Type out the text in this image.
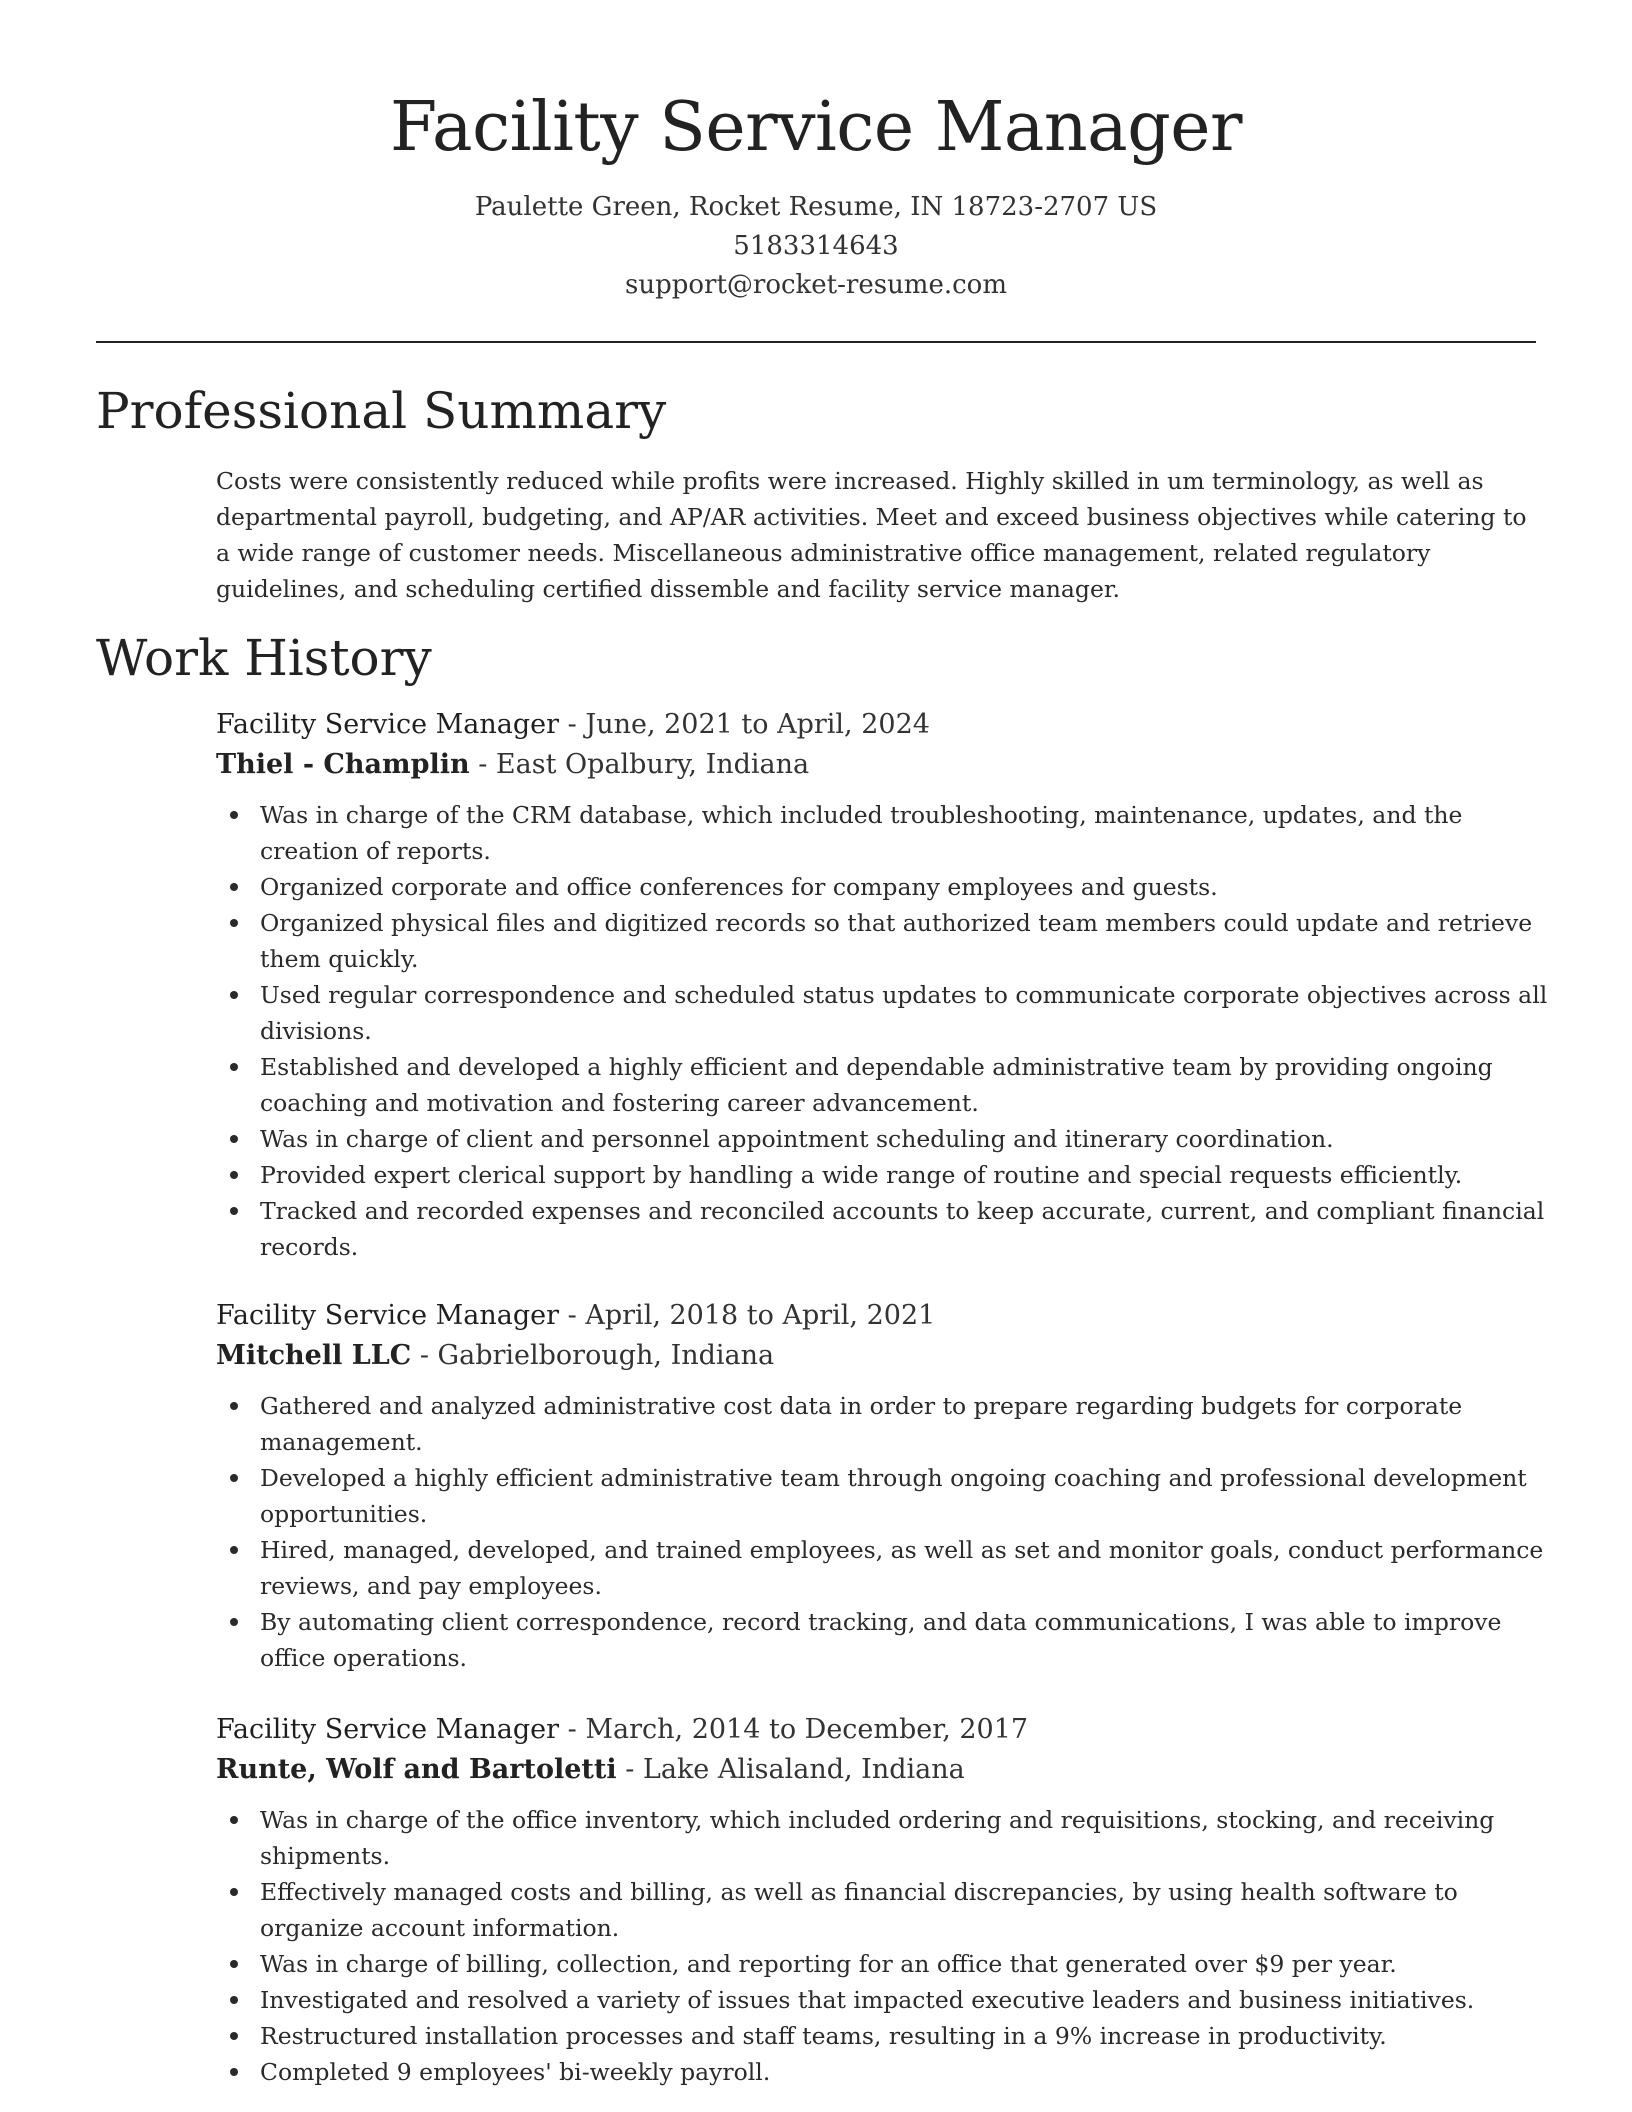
Facility Service Manager
Paulette Green, Rocket Resume, IN 18723-2707 US
5183314643
support@rocket-resume.com
Professional Summary

Costs were consistently reduced while profits were increased. Highly skilled in um terminology, as well as departmental payroll, budgeting, and AP/AR activities. Meet and exceed business objectives while catering to a wide range of customer needs. Miscellaneous administrative office management, related regulatory guidelines, and scheduling certified dissemble and facility service manager.

Work History
Facility Service Manager - June, 2021 to April, 2024
Thiel - Champlin - East Opalbury, Indiana
Was in charge of the CRM database, which included troubleshooting, maintenance, updates, and the creation of reports.
Organized corporate and office conferences for company employees and guests.
Organized physical files and digitized records so that authorized team members could update and retrieve them quickly.
Used regular correspondence and scheduled status updates to communicate corporate objectives across all divisions.
Established and developed a highly efficient and dependable administrative team by providing ongoing coaching and motivation and fostering career advancement.
Was in charge of client and personnel appointment scheduling and itinerary coordination.
Provided expert clerical support by handling a wide range of routine and special requests efficiently.
Tracked and recorded expenses and reconciled accounts to keep accurate, current, and compliant financial records.
Facility Service Manager - April, 2018 to April, 2021
Mitchell LLC - Gabrielborough, Indiana
Gathered and analyzed administrative cost data in order to prepare regarding budgets for corporate management.
Developed a highly efficient administrative team through ongoing coaching and professional development opportunities.
Hired, managed, developed, and trained employees, as well as set and monitor goals, conduct performance reviews, and pay employees.
By automating client correspondence, record tracking, and data communications, I was able to improve office operations.
Facility Service Manager - March, 2014 to December, 2017
Runte, Wolf and Bartoletti - Lake Alisaland, Indiana
Was in charge of the office inventory, which included ordering and requisitions, stocking, and receiving shipments.
Effectively managed costs and billing, as well as financial discrepancies, by using health software to organize account information.
Was in charge of billing, collection, and reporting for an office that generated over $9 per year.
Investigated and resolved a variety of issues that impacted executive leaders and business initiatives.
Restructured installation processes and staff teams, resulting in a 9% increase in productivity.
Completed 9 employees' bi-weekly payroll.
